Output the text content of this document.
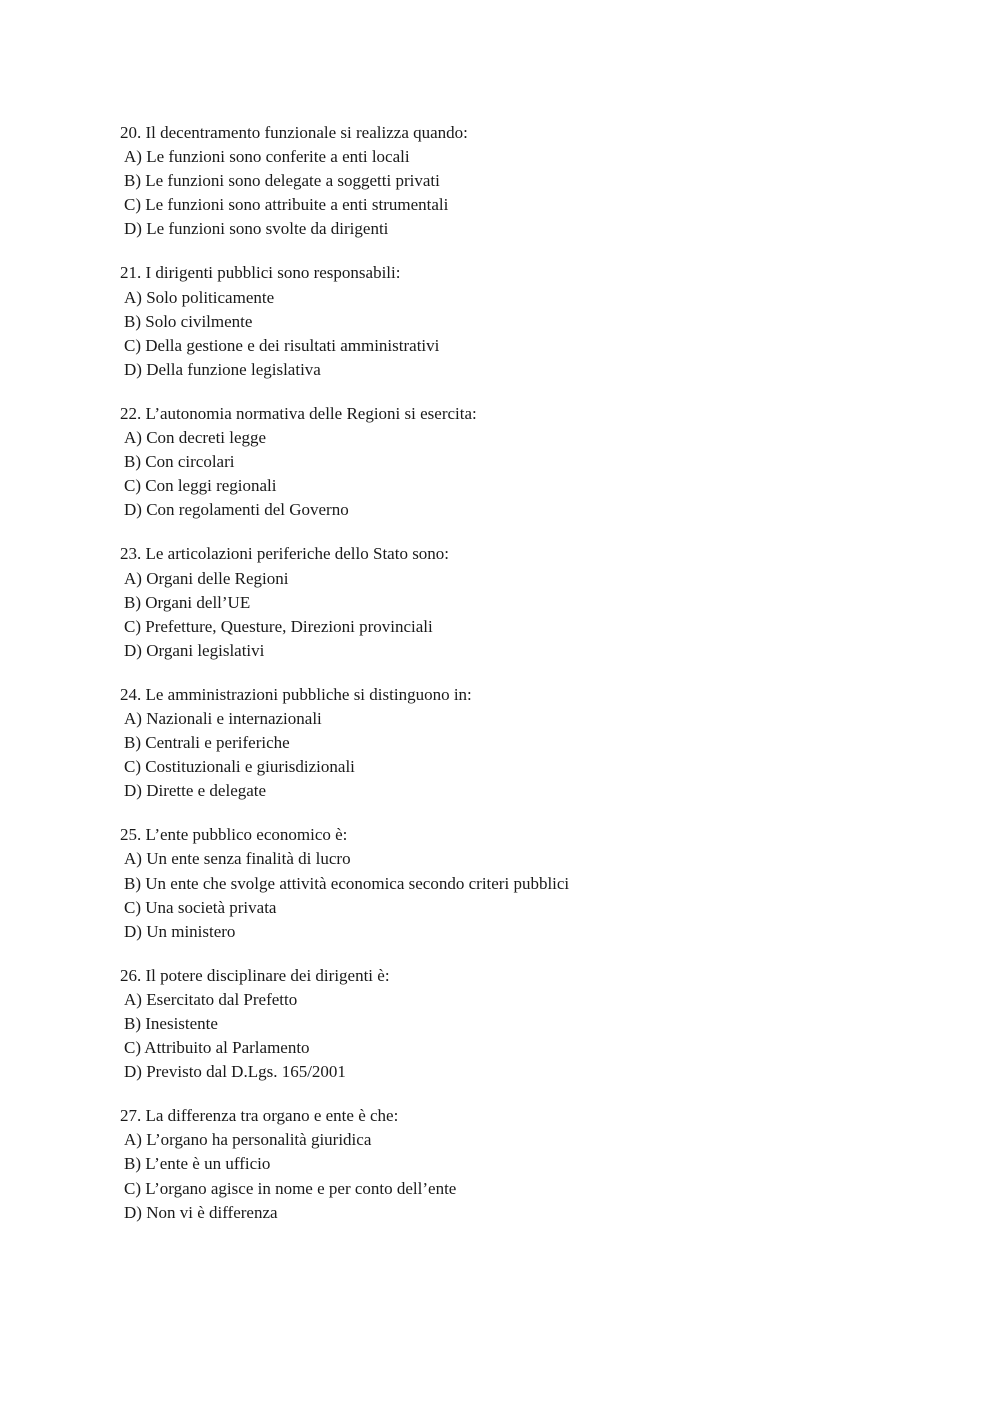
20. Il decentramento funzionale si realizza quando:
A) Le funzioni sono conferite a enti locali
B) Le funzioni sono delegate a soggetti privati
C) Le funzioni sono attribuite a enti strumentali
D) Le funzioni sono svolte da dirigenti
21. I dirigenti pubblici sono responsabili:
A) Solo politicamente
B) Solo civilmente
C) Della gestione e dei risultati amministrativi
D) Della funzione legislativa
22. L’autonomia normativa delle Regioni si esercita:
A) Con decreti legge
B) Con circolari
C) Con leggi regionali
D) Con regolamenti del Governo
23. Le articolazioni periferiche dello Stato sono:
A) Organi delle Regioni
B) Organi dell’UE
C) Prefetture, Questure, Direzioni provinciali
D) Organi legislativi
24. Le amministrazioni pubbliche si distinguono in:
A) Nazionali e internazionali
B) Centrali e periferiche
C) Costituzionali e giurisdizionali
D) Dirette e delegate
25. L’ente pubblico economico è:
A) Un ente senza finalità di lucro
B) Un ente che svolge attività economica secondo criteri pubblici
C) Una società privata
D) Un ministero
26. Il potere disciplinare dei dirigenti è:
A) Esercitato dal Prefetto
B) Inesistente
C) Attribuito al Parlamento
D) Previsto dal D.Lgs. 165/2001
27. La differenza tra organo e ente è che:
A) L’organo ha personalità giuridica
B) L’ente è un ufficio
C) L’organo agisce in nome e per conto dell’ente
D) Non vi è differenza
